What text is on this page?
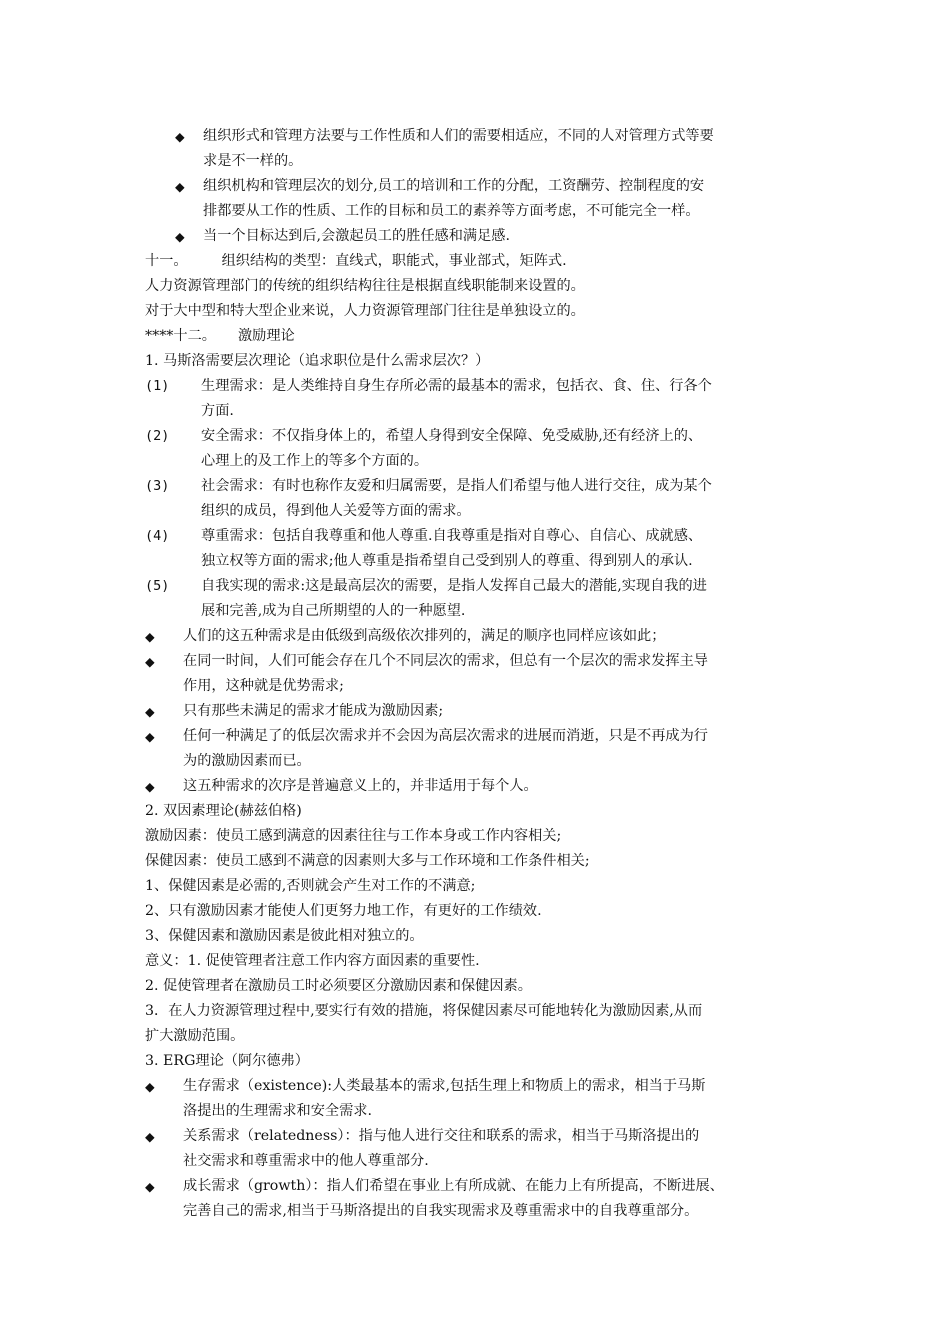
◆	组织形式和管理方法要与工作性质和人们的需要相适应，不同的人对管理方式等要
求是不一样的。
◆	组织机构和管理层次的划分,员工的培训和工作的分配，工资酬劳、控制程度的安
排都要从工作的性质、工作的目标和员工的素养等方面考虑，不可能完全一样。
◆	当一个目标达到后,会激起员工的胜任感和满足感.
十一。 组织结构的类型：直线式，职能式，事业部式，矩阵式.
人力资源管理部门的传统的组织结构往往是根据直线职能制来设置的。
对于大中型和特大型企业来说，人力资源管理部门往往是单独设立的。
****十二。 激励理论
1. 马斯洛需要层次理论（追求职位是什么需求层次？）
(1)	生理需求：是人类维持自身生存所必需的最基本的需求，包括衣、食、住、行各个
方面.
(2)	安全需求：不仅指身体上的，希望人身得到安全保障、免受威胁,还有经济上的、
心理上的及工作上的等多个方面的。
(3)	社会需求：有时也称作友爱和归属需要，是指人们希望与他人进行交往，成为某个
组织的成员，得到他人关爱等方面的需求。
(4)	尊重需求：包括自我尊重和他人尊重.自我尊重是指对自尊心、自信心、成就感、
独立权等方面的需求;他人尊重是指希望自己受到别人的尊重、得到别人的承认.
(5)	自我实现的需求:这是最高层次的需要，是指人发挥自己最大的潜能,实现自我的进
展和完善,成为自己所期望的人的一种愿望.
◆	人们的这五种需求是由低级到高级依次排列的，满足的顺序也同样应该如此；
◆	在同一时间，人们可能会存在几个不同层次的需求，但总有一个层次的需求发挥主导
作用，这种就是优势需求;
◆	只有那些未满足的需求才能成为激励因素;
◆	任何一种满足了的低层次需求并不会因为高层次需求的进展而消逝，只是不再成为行
为的激励因素而已。
◆	这五种需求的次序是普遍意义上的，并非适用于每个人。
2. 双因素理论(赫兹伯格)
激励因素：使员工感到满意的因素往往与工作本身或工作内容相关;
保健因素：使员工感到不满意的因素则大多与工作环境和工作条件相关;
1、保健因素是必需的,否则就会产生对工作的不满意;
2、只有激励因素才能使人们更努力地工作，有更好的工作绩效.
3、保健因素和激励因素是彼此相对独立的。
意义：1. 促使管理者注意工作内容方面因素的重要性.
2. 促使管理者在激励员工时必须要区分激励因素和保健因素。
3．在人力资源管理过程中,要实行有效的措施，将保健因素尽可能地转化为激励因素,从而
扩大激励范围。
3. ERG理论（阿尔德弗）
◆	生存需求（existence):人类最基本的需求,包括生理上和物质上的需求，相当于马斯
洛提出的生理需求和安全需求.
◆	关系需求（relatedness）：指与他人进行交往和联系的需求，相当于马斯洛提出的
社交需求和尊重需求中的他人尊重部分.
◆	成长需求（growth）：指人们希望在事业上有所成就、在能力上有所提高，不断进展、
完善自己的需求,相当于马斯洛提出的自我实现需求及尊重需求中的自我尊重部分。
